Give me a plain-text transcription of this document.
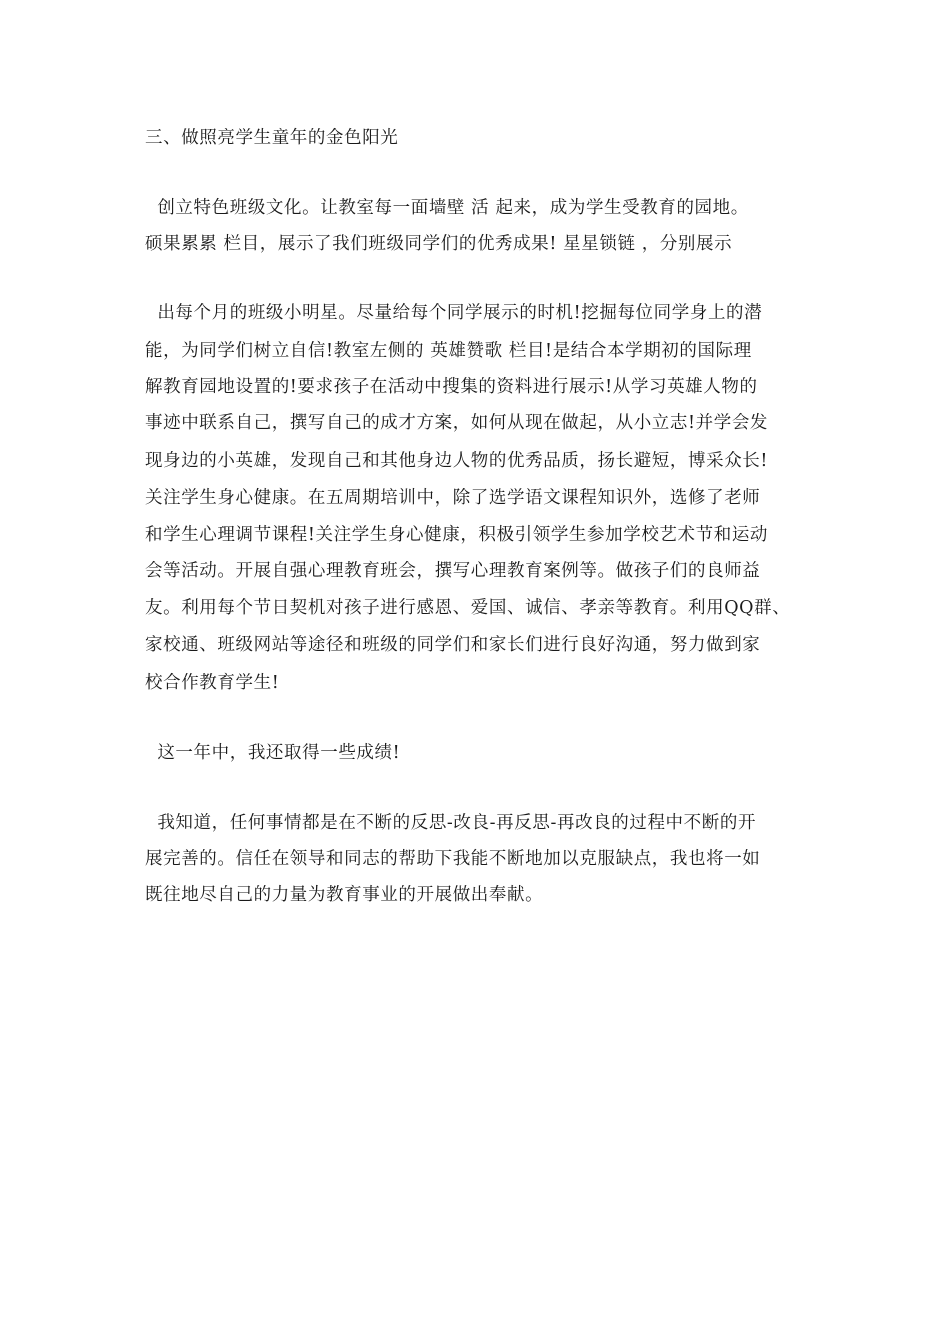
三、做照亮学生童年的金色阳光
创立特色班级文化。让教室每一面墙壁 活 起来，成为学生受教育的园地。
硕果累累 栏目，展示了我们班级同学们的优秀成果! 星星锁链 ，分别展示
出每个月的班级小明星。尽量给每个同学展示的时机!挖掘每位同学身上的潜
能，为同学们树立自信!教室左侧的 英雄赞歌 栏目!是结合本学期初的国际理
解教育园地设置的!要求孩子在活动中搜集的资料进行展示!从学习英雄人物的
事迹中联系自己，撰写自己的成才方案，如何从现在做起，从小立志!并学会发
现身边的小英雄，发现自己和其他身边人物的优秀品质，扬长避短，博采众长!
关注学生身心健康。在五周期培训中，除了选学语文课程知识外，选修了老师
和学生心理调节课程!关注学生身心健康，积极引领学生参加学校艺术节和运动
会等活动。开展自强心理教育班会，撰写心理教育案例等。做孩子们的良师益
友。利用每个节日契机对孩子进行感恩、爱国、诚信、孝亲等教育。利用QQ群、
家校通、班级网站等途径和班级的同学们和家长们进行良好沟通，努力做到家
校合作教育学生!
这一年中，我还取得一些成绩!
我知道，任何事情都是在不断的反思-改良-再反思-再改良的过程中不断的开
展完善的。信任在领导和同志的帮助下我能不断地加以克服缺点，我也将一如
既往地尽自己的力量为教育事业的开展做出奉献。
